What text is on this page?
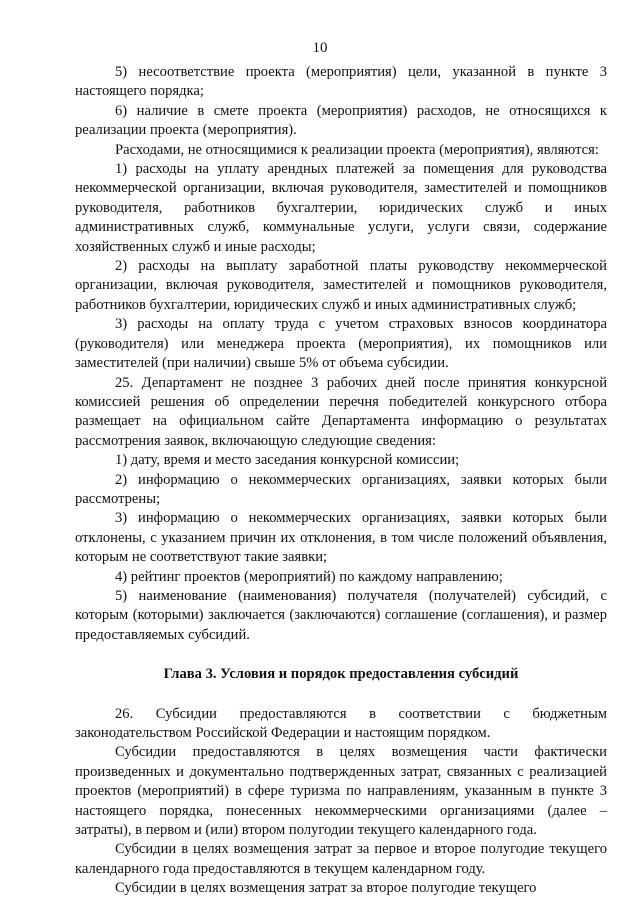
10

5) несоответствие проекта (мероприятия) цели, указанной в пункте 3 настоящего порядка;

6) наличие в смете проекта (мероприятия) расходов, не относящихся к реализации проекта (мероприятия).

Расходами, не относящимися к реализации проекта (мероприятия), являются:

1) расходы на уплату арендных платежей за помещения для руководства некоммерческой организации, включая руководителя, заместителей и помощников руководителя, работников бухгалтерии, юридических служб и иных административных служб, коммунальные услуги, услуги связи, содержание хозяйственных служб и иные расходы;

2) расходы на выплату заработной платы руководству некоммерческой организации, включая руководителя, заместителей и помощников руководителя, работников бухгалтерии, юридических служб и иных административных служб;

3) расходы на оплату труда с учетом страховых взносов координатора (руководителя) или менеджера проекта (мероприятия), их помощников или заместителей (при наличии) свыше 5% от объема субсидии.

25. Департамент не позднее 3 рабочих дней после принятия конкурсной комиссией решения об определении перечня победителей конкурсного отбора размещает на официальном сайте Департамента информацию о результатах рассмотрения заявок, включающую следующие сведения:

1) дату, время и место заседания конкурсной комиссии;

2) информацию о некоммерческих организациях, заявки которых были рассмотрены;

3) информацию о некоммерческих организациях, заявки которых были отклонены, с указанием причин их отклонения, в том числе положений объявления, которым не соответствуют такие заявки;

4) рейтинг проектов (мероприятий) по каждому направлению;

5) наименование (наименования) получателя (получателей) субсидий, с которым (которыми) заключается (заключаются) соглашение (соглашения), и размер предоставляемых субсидий.

Глава 3. Условия и порядок предоставления субсидий

26. Субсидии предоставляются в соответствии с бюджетным законодательством Российской Федерации и настоящим порядком.

Субсидии предоставляются в целях возмещения части фактически произведенных и документально подтвержденных затрат, связанных с реализацией проектов (мероприятий) в сфере туризма по направлениям, указанным в пункте 3 настоящего порядка, понесенных некоммерческими организациями (далее – затраты), в первом и (или) втором полугодии текущего календарного года.

Субсидии в целях возмещения затрат за первое и второе полугодие текущего календарного года предоставляются в текущем календарном году.

Субсидии в целях возмещения затрат за второе полугодие текущего
